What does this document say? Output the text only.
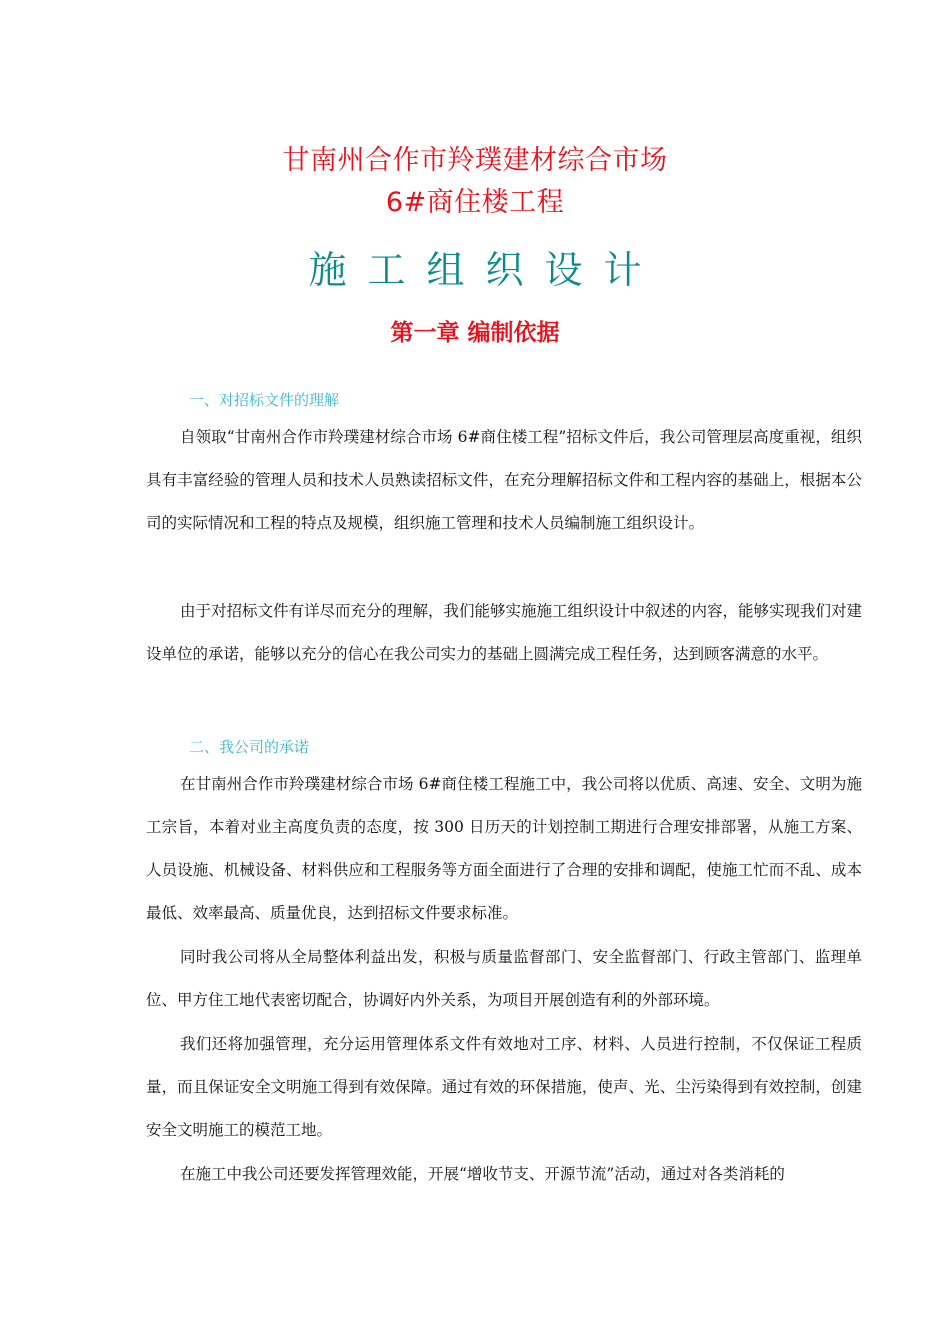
甘南州合作市羚璞建材综合市场
6#商住楼工程
施工组织设计
第一章 编制依据
一、对招标文件的理解

自领取“甘南州合作市羚璞建材综合市场 6#商住楼工程”招标文件后，我公司管理层高度重视，组织具有丰富经验的管理人员和技术人员熟读招标文件，在充分理解招标文件和工程内容的基础上，根据本公司的实际情况和工程的特点及规模，组织施工管理和技术人员编制施工组织设计。

由于对招标文件有详尽而充分的理解，我们能够实施施工组织设计中叙述的内容，能够实现我们对建设单位的承诺，能够以充分的信心在我公司实力的基础上圆满完成工程任务，达到顾客满意的水平。

二、我公司的承诺

在甘南州合作市羚璞建材综合市场 6#商住楼工程施工中，我公司将以优质、高速、安全、文明为施工宗旨，本着对业主高度负责的态度，按 300 日历天的计划控制工期进行合理安排部署，从施工方案、人员设施、机械设备、材料供应和工程服务等方面全面进行了合理的安排和调配，使施工忙而不乱、成本最低、效率最高、质量优良，达到招标文件要求标准。

同时我公司将从全局整体利益出发，积极与质量监督部门、安全监督部门、行政主管部门、监理单位、甲方住工地代表密切配合，协调好内外关系，为项目开展创造有利的外部环境。

我们还将加强管理，充分运用管理体系文件有效地对工序、材料、人员进行控制，不仅保证工程质量，而且保证安全文明施工得到有效保障。通过有效的环保措施，使声、光、尘污染得到有效控制，创建安全文明施工的模范工地。

在施工中我公司还要发挥管理效能，开展“增收节支、开源节流”活动，通过对各类消耗的
